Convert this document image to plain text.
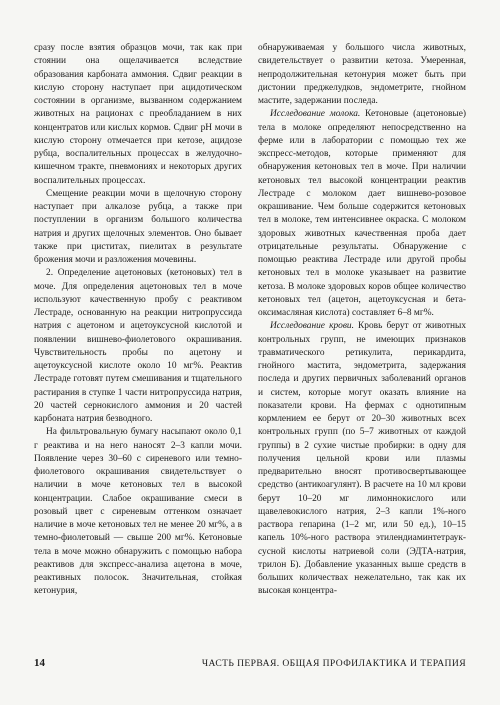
сразу после взятия образцов мочи, так как при стоянии она ощелачивается вследствие образования карбоната аммония. Сдвиг реакции в кислую сторону наступает при ацидотическом состоянии в организме, вызванном содержанием животных на рационах с преобладанием в них концентратов или кислых кормов. Сдвиг рН мочи в кислую сторону отмечается при кетозе, ацидозе рубца, воспалительных процессах в желудочно-кишечном тракте, пневмониях и некоторых других воспалительных процессах.

Смещение реакции мочи в щелочную сторону наступает при алкалозе рубца, а также при поступлении в организм большого количества натрия и других щелочных элементов. Оно бывает также при циститах, пиелитах в результате брожения мочи и разложения мочевины.

2. Определение ацетоновых (кетоновых) тел в моче. Для определения ацетоновых тел в моче используют качественную пробу с реактивом Лестраде, основанную на реакции нитропруссида натрия с ацетоном и ацетоуксусной кислотой и появлении вишнево-фиолетового окрашивания. Чувствительность пробы по ацетону и ацетоуксусной кислоте около 10 мг%. Реактив Лестраде готовят путем смешивания и тщательного растирания в ступке 1 части нитропруссида натрия, 20 частей сернокислого аммония и 20 частей карбоната натрия безводного.

На фильтровальную бумагу насыпают около 0,1 г реактива и на него наносят 2–3 капли мочи. Появление через 30–60 с сиреневого или темно-фиолетового окрашивания свидетельствует о наличии в моче кетоновых тел в высокой концентрации. Слабое окрашивание смеси в розовый цвет с сиреневым оттенком означает наличие в моче кетоновых тел не менее 20 мг%, а в темно-фиолетовый — свыше 200 мг%. Кетоновые тела в моче можно обнаружить с помощью набора реактивов для экспресс-анализа ацетона в моче, реактивных полосок. Значительная, стойкая кетонурия,

обнаруживаемая у большого числа животных, свидетельствует о развитии кетоза. Умеренная, непродолжительная кетонурия может быть при дистонии преджелудков, эндометрите, гнойном мастите, задержании последа.

Исследование молока. Кетоновые (ацетоновые) тела в молоке определяют непосредственно на ферме или в лаборатории с помощью тех же экспресс-методов, которые применяют для обнаружения кетоновых тел в моче. При наличии кетоновых тел высокой концентрации реактив Лестраде с молоком дает вишнево-розовое окрашивание. Чем больше содержится кетоновых тел в молоке, тем интенсивнее окраска. С молоком здоровых животных качественная проба дает отрицательные результаты. Обнаружение с помощью реактива Лестраде или другой пробы кетоновых тел в молоке указывает на развитие кетоза. В молоке здоровых коров общее количество кетоновых тел (ацетон, ацетоуксусная и бета-оксимасляная кислота) составляет 6–8 мг%.

Исследование крови. Кровь берут от животных контрольных групп, не имеющих признаков травматического ретикулита, перикардита, гнойного мастита, эндометрита, задержания последа и других первичных заболеваний органов и систем, которые могут оказать влияние на показатели крови. На фермах с однотипным кормлением ее берут от 20–30 животных всех контрольных групп (по 5–7 животных от каждой группы) в 2 сухие чистые пробирки: в одну для получения цельной крови или плазмы предварительно вносят противосвертывающее средство (антикоагулянт). В расчете на 10 мл крови берут 10–20 мг лимоннокислого или щавелевокислого натрия, 2–3 капли 1%-ного раствора гепарина (1–2 мг, или 50 ед.), 10–15 капель 10%-ного раствора этилендиаминтетрауксусной кислоты натриевой соли (ЭДТА-натрия, трилон Б). Добавление указанных выше средств в больших количествах нежелательно, так как их высокая концентра-

14	ЧАСТЬ ПЕРВАЯ. ОБЩАЯ ПРОФИЛАКТИКА И ТЕРАПИЯ
